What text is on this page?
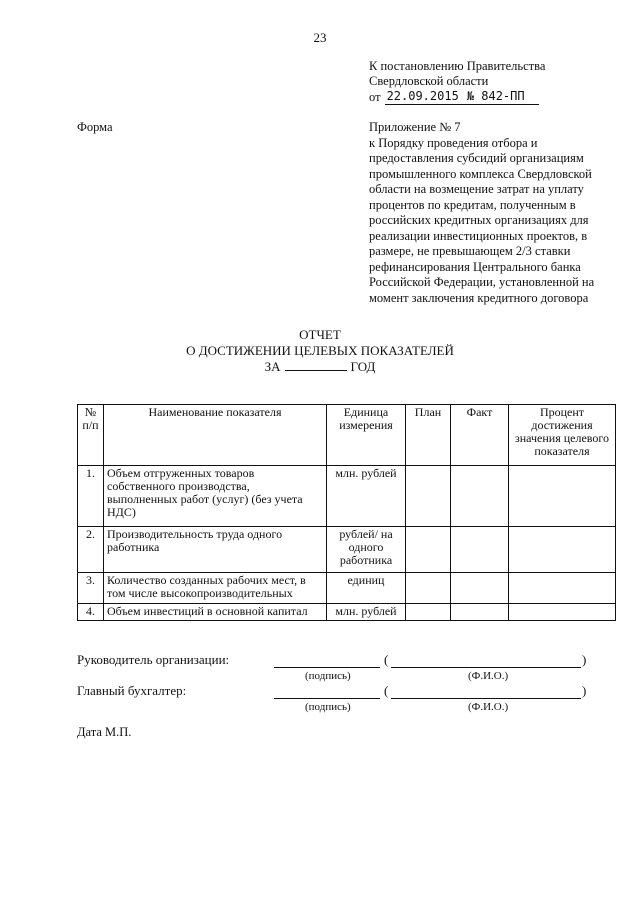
23
К постановлению Правительства
Свердловской области
от 22.09.2015 № 842-ПП
Форма	Приложение № 7
к Порядку проведения отбора и предоставления субсидий организациям промышленного комплекса Свердловской области на возмещение затрат на уплату процентов по кредитам, полученным в российских кредитных организациях для реализации инвестиционных проектов, в размере, не превышающем 2/3 ставки рефинансирования Центрального банка Российской Федерации, установленной на момент заключения кредитного договора
ОТЧЕТ
О ДОСТИЖЕНИИ ЦЕЛЕВЫХ ПОКАЗАТЕЛЕЙ
ЗА	ГОД
№ п/п	Наименование показателя	Единица измерения	План	Факт	Процент достижения значения целевого показателя
1.	Объем отгруженных товаров собственного производства, выполненных работ (услуг) (без учета НДС)	млн. рублей			
2.	Производительность труда одного работника	рублей/ на одного работника			
3.	Количество созданных рабочих мест, в том числе высокопроизводительных	единиц			
4.	Объем инвестиций в основной капитал	млн. рублей			
Руководитель организации:	(	)
(подпись)	(Ф.И.О.)
Главный бухгалтер:	(	)
(подпись)	(Ф.И.О.)
Дата М.П.
